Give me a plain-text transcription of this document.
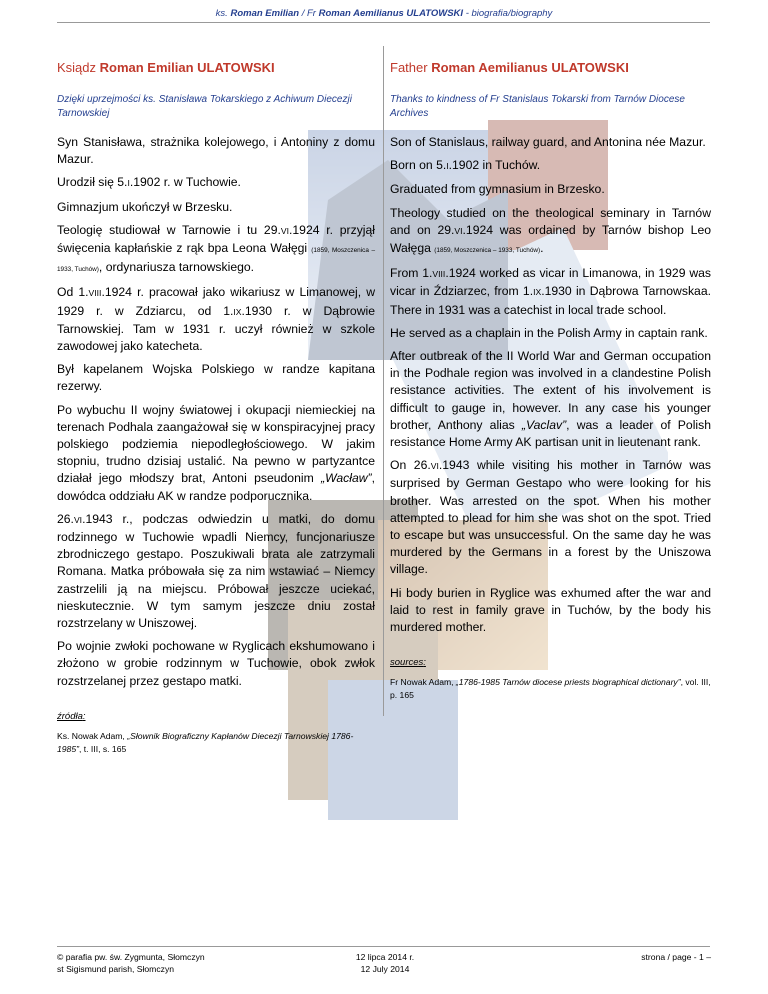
ks. Roman Emilian / Fr Roman Aemilianus ULATOWSKI - biografia/biography
Ksiądz Roman Emilian ULATOWSKI
Dzięki uprzejmości ks. Stanisława Tokarskiego z Achiwum Diecezji Tarnowskiej

Syn Stanisława, strażnika kolejowego, i Antoniny z domu Mazur.

Urodził się 5.I.1902 r. w Tuchowie.

Gimnazjum ukończył w Brzesku.

Teologię studiował w Tarnowie i tu 29.VI.1924 r. przyjął święcenia kapłańskie z rąk bpa Leona Wałęgi (1859, Moszczenica – 1933, Tuchów), ordynariusza tarnowskiego.

Od 1.VIII.1924 r. pracował jako wikariusz w Limanowej, w 1929 r. w Zdziarcu, od 1.IX.1930 r. w Dąbrowie Tarnowskiej. Tam w 1931 r. uczył również w szkole zawodowej jako katecheta.

Był kapelanem Wojska Polskiego w randze kapitana rezerwy.

Po wybuchu II wojny światowej i okupacji niemieckiej na terenach Podhala zaangażował się w konspiracyjnej pracy polskiego podziemia niepodległościowego. W jakim stopniu, trudno dzisiaj ustalić. Na pewno w partyzantce działał jego młodszy brat, Antoni pseudonim „Wacław”, dowódca oddziału AK w randze podporucznika.

26.VI.1943 r., podczas odwiedzin u matki, do domu rodzinnego w Tuchowie wpadli Niemcy, funcjonariusze zbrodniczego gestapo. Poszukiwali brata ale zatrzymali Romana. Matka próbowała się za nim wstawiać – Niemcy zastrzelili ją na miejscu. Próbował jeszcze uciekać, nieskutecznie. W tym samym jeszcze dniu został rozstrzelany w Uniszowej.

Po wojnie zwłoki pochowane w Ryglicach ekshumowano i złożono w grobie rodzinnym w Tuchowie, obok zwłok rozstrzelanej przez gestapo matki.

źródła:
Ks. Nowak Adam, „Słownik Biograficzny Kapłanów Diecezji Tarnowskiej 1786-1985”, t. III, s. 165
Father Roman Aemilianus ULATOWSKI
Thanks to kindness of Fr Stanislaus Tokarski from Tarnów Diocese Archives

Son of Stanislaus, railway guard, and Antonina née Mazur.

Born on 5.I.1902 in Tuchów.

Graduated from gymnasium in Brzesko.

Theology studied on the theological seminary in Tarnów and on 29.VI.1924 was ordained by Tarnów bishop Leo Wałęga (1859, Moszczenica – 1933, Tuchów).

From 1.VIII.1924 worked as vicar in Limanowa, in 1929 was vicar in Ździarzec, from 1.IX.1930 in Dąbrowa Tarnowskaa. There in 1931 was a catechist in local trade school.

He served as a chaplain in the Polish Army in captain rank.

After outbreak of the II World War and German occupation in the Podhale region was involved in a clandestine Polish resistance activities. The extent of his involvement is difficult to gauge in, however. In any case his younger brother, Anthony alias „Vaclav”, was a leader of Polish resistance Home Army AK partisan unit in lieutenant rank.

On 26.VI.1943 while visiting his mother in Tarnów was surprised by German Gestapo who were looking for his brother. Was arrested on the spot. When his mother attempted to plead for him she was shot on the spot. Tried to escape but was unsuccessful. On the same day he was murdered by the Germans in a forest by the Uniszowa village.

Hi body burien in Ryglice was exhumed after the war and laid to rest in family grave in Tuchów, by the body his murdered mother.

sources:
Fr Nowak Adam, „1786-1985 Tarnów diocese priests biographical dictionary”, vol. III, p. 165
© parafia pw. św. Zygmunta, Słomczyn
st Sigismund parish, Słomczyn
12 lipca 2014 r.
12 July 2014
strona / page - 1 –
